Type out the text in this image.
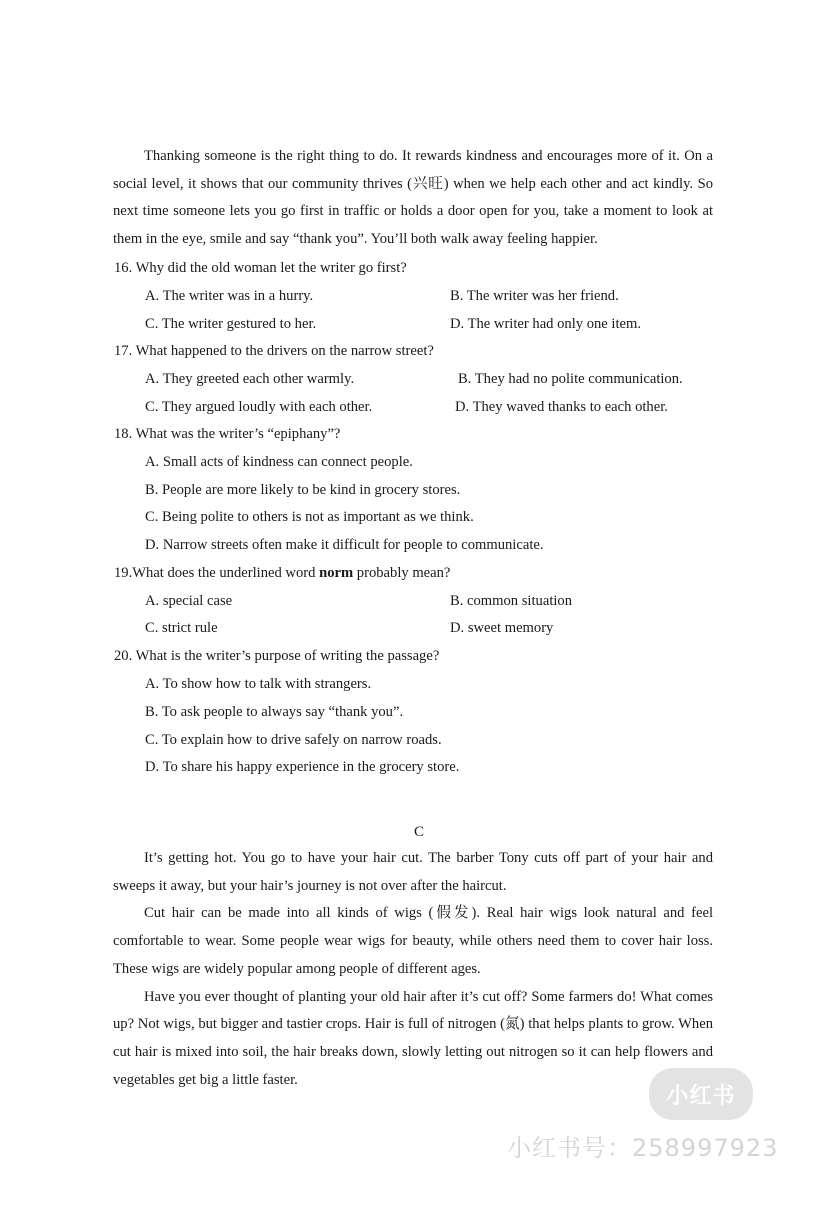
Thanking someone is the right thing to do. It rewards kindness and encourages more of it. On a social level, it shows that our community thrives (兴旺) when we help each other and act kindly. So next time someone lets you go first in traffic or holds a door open for you, take a moment to look at them in the eye, smile and say “thank you”. You’ll both walk away feeling happier.

16. Why did the old woman let the writer go first?
A. The writer was in a hurry.	B. The writer was her friend.
C. The writer gestured to her.	D. The writer had only one item.
17. What happened to the drivers on the narrow street?
A. They greeted each other warmly.	B. They had no polite communication.
C. They argued loudly with each other.	D. They waved thanks to each other.
18. What was the writer’s “epiphany”?
A. Small acts of kindness can connect people.
B. People are more likely to be kind in grocery stores.
C. Being polite to others is not as important as we think.
D. Narrow streets often make it difficult for people to communicate.
19.What does the underlined word norm probably mean?
A. special case	B. common situation
C. strict rule	D. sweet memory
20. What is the writer’s purpose of writing the passage?
A. To show how to talk with strangers.
B. To ask people to always say “thank you”.
C. To explain how to drive safely on narrow roads.
D. To share his happy experience in the grocery store.
C

It’s getting hot. You go to have your hair cut. The barber Tony cuts off part of your hair and sweeps it away, but your hair’s journey is not over after the haircut.

Cut hair can be made into all kinds of wigs (假发). Real hair wigs look natural and feel comfortable to wear. Some people wear wigs for beauty, while others need them to cover hair loss. These wigs are widely popular among people of different ages.

Have you ever thought of planting your old hair after it’s cut off? Some farmers do! What comes up? Not wigs, but bigger and tastier crops. Hair is full of nitrogen (氮) that helps plants to grow. When cut hair is mixed into soil, the hair breaks down, slowly letting out nitrogen so it can help flowers and vegetables get big a little faster.

小红书
小红书号：258997923
